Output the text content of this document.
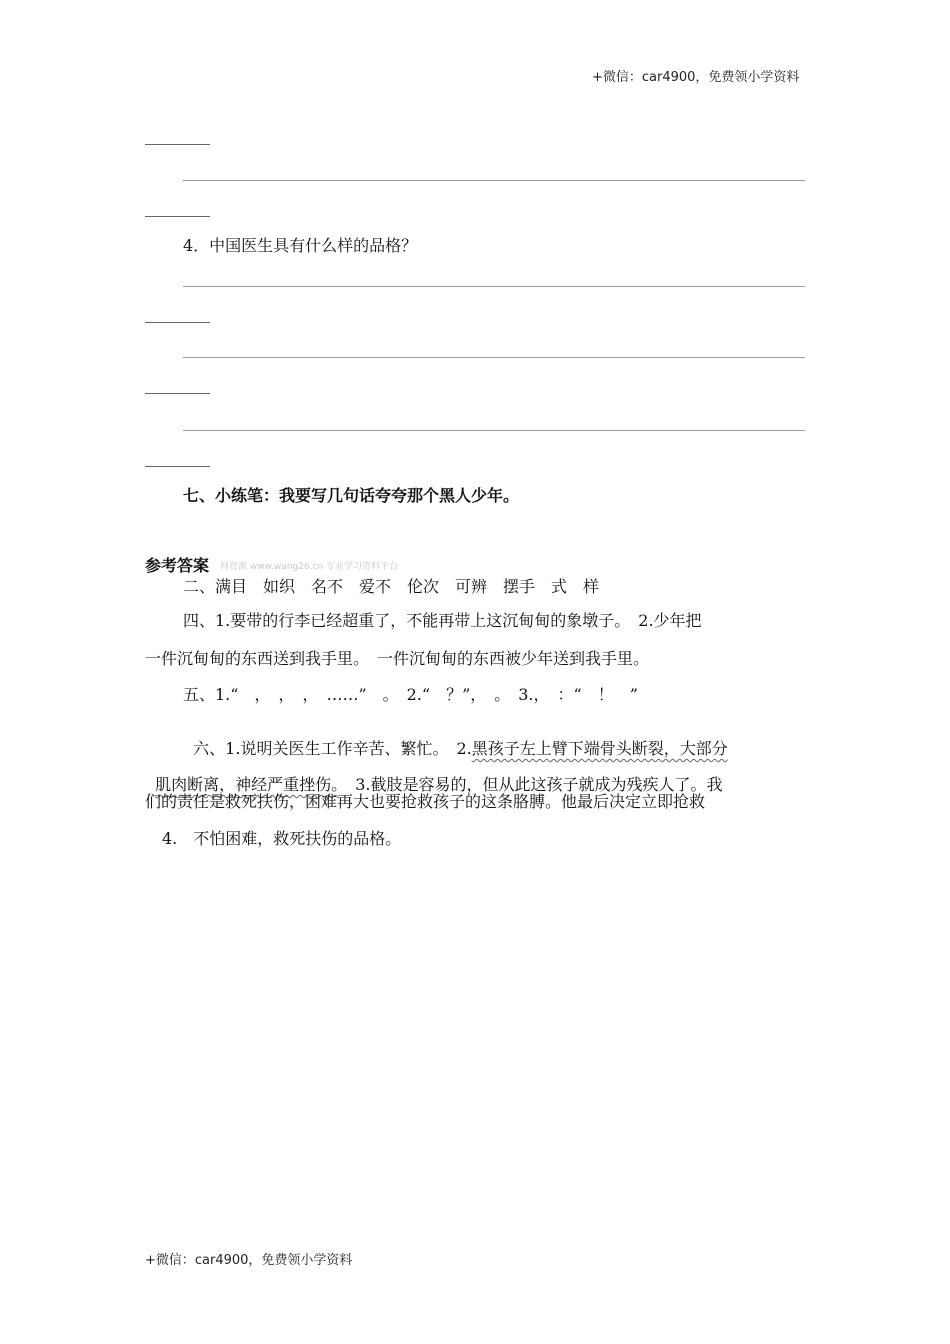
+微信：car4900，免费领小学资料
4．中国医生具有什么样的品格？
七、小练笔：我要写几句话夸夸那个黑人少年。
参考答案 网资源 www.wang26.cn 专业学习资料平台
二、满目　如织　名不　爱不　伦次　可辨　摆手　式　样
四、1.要带的行李已经超重了，不能再带上这沉甸甸的象墩子。　2.少年把
一件沉甸甸的东西送到我手里。　一件沉甸甸的东西被少年送到我手里。
五、1.“　，　，　，　……”　。　2.“　？”，　。　3.，　：“　！　”

六、1.说明关医生工作辛苦、繁忙。　2.黑孩子左上臂下端骨头断裂，大部分

肌肉断离，神经严重挫伤。　3.截肢是容易的，但从此这孩子就成为残疾人了。我

们的责任是救死扶伤，困难再大也要抢救孩子的这条胳膊。他最后决定立即抢救
4.　不怕困难，救死扶伤的品格。
+微信：car4900，免费领小学资料
